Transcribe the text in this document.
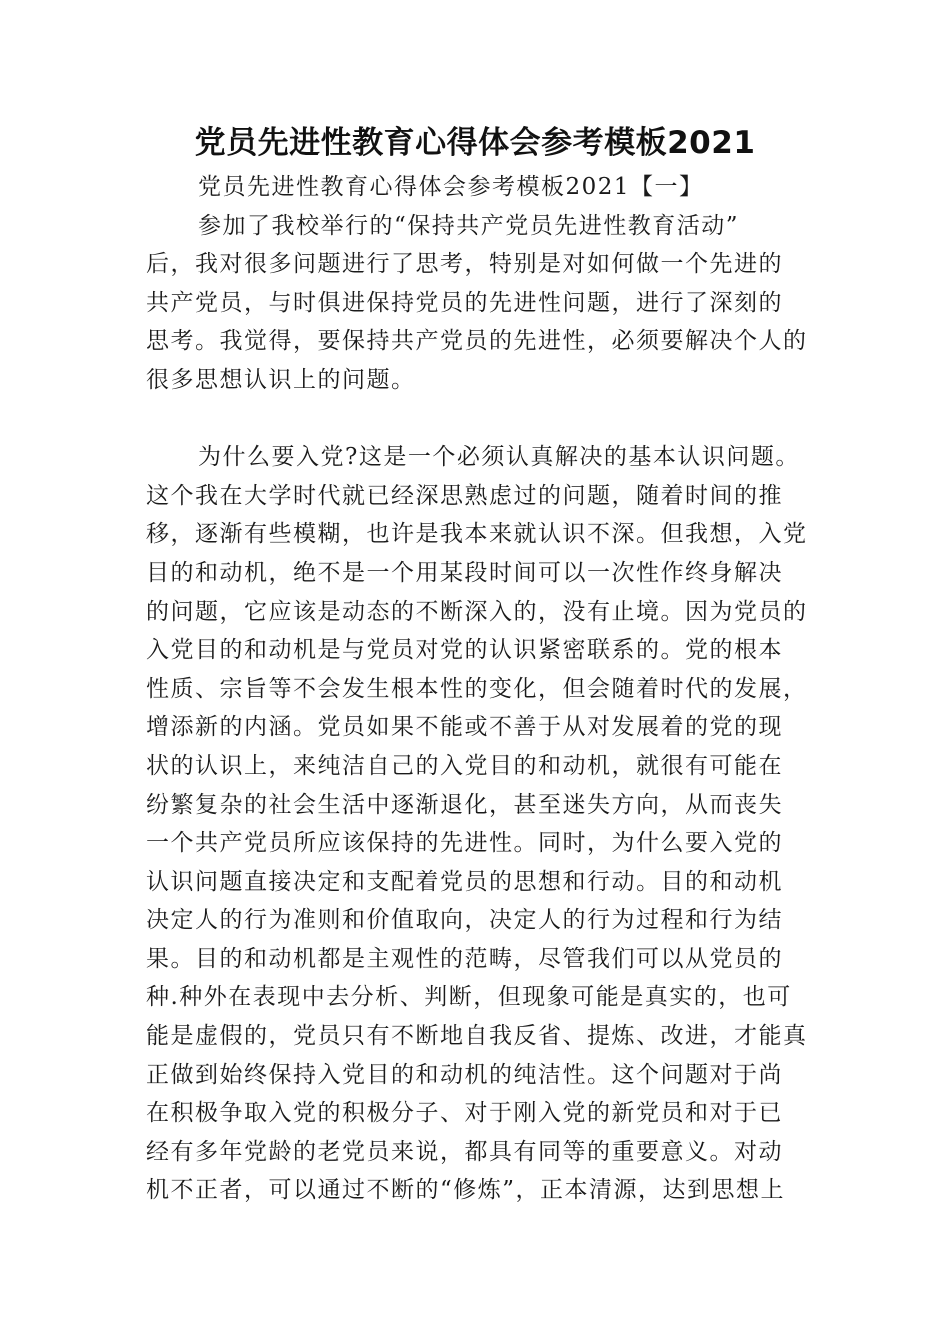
党员先进性教育心得体会参考模板2021
党员先进性教育心得体会参考模板2021【一】
参加了我校举行的“保持共产党员先进性教育活动”
后，我对很多问题进行了思考，特别是对如何做一个先进的
共产党员，与时俱进保持党员的先进性问题，进行了深刻的
思考。我觉得，要保持共产党员的先进性，必须要解决个人的
很多思想认识上的问题。
为什么要入党?这是一个必须认真解决的基本认识问题。
这个我在大学时代就已经深思熟虑过的问题，随着时间的推
移，逐渐有些模糊，也许是我本来就认识不深。但我想，入党
目的和动机，绝不是一个用某段时间可以一次性作终身解决
的问题，它应该是动态的不断深入的，没有止境。因为党员的
入党目的和动机是与党员对党的认识紧密联系的。党的根本
性质、宗旨等不会发生根本性的变化，但会随着时代的发展，
增添新的内涵。党员如果不能或不善于从对发展着的党的现
状的认识上，来纯洁自己的入党目的和动机，就很有可能在
纷繁复杂的社会生活中逐渐退化，甚至迷失方向，从而丧失
一个共产党员所应该保持的先进性。同时，为什么要入党的
认识问题直接决定和支配着党员的思想和行动。目的和动机
决定人的行为准则和价值取向，决定人的行为过程和行为结
果。目的和动机都是主观性的范畴，尽管我们可以从党员的
种.种外在表现中去分析、判断，但现象可能是真实的，也可
能是虚假的，党员只有不断地自我反省、提炼、改进，才能真
正做到始终保持入党目的和动机的纯洁性。这个问题对于尚
在积极争取入党的积极分子、对于刚入党的新党员和对于已
经有多年党龄的老党员来说，都具有同等的重要意义。对动
机不正者，可以通过不断的“修炼”，正本清源，达到思想上
